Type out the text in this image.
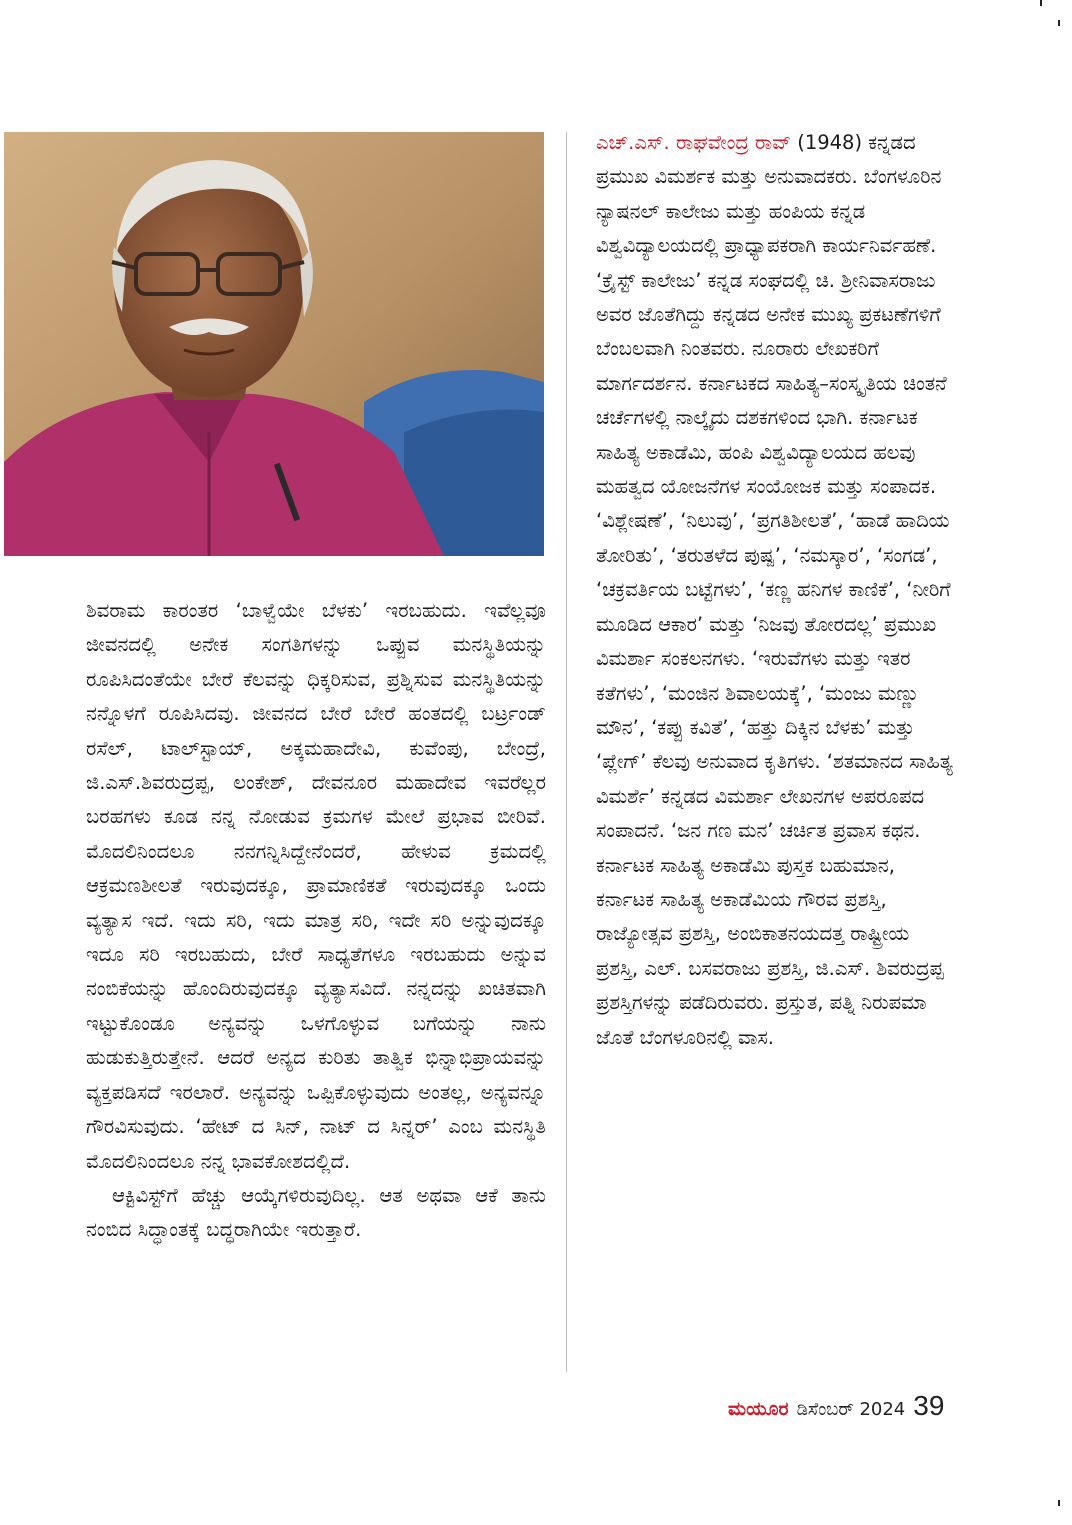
ಶಿವರಾಮ ಕಾರಂತರ ‘ಬಾಳ್ವೆಯೇ ಬೆಳಕು’ ಇರಬಹುದು. ಇವೆಲ್ಲವೂ ಜೀವನದಲ್ಲಿ ಅನೇಕ ಸಂಗತಿಗಳನ್ನು ಒಪ್ಪುವ ಮನಸ್ಥಿತಿಯನ್ನು ರೂಪಿಸಿದಂತೆಯೇ ಬೇರೆ ಕೆಲವನ್ನು ಧಿಕ್ಕರಿಸುವ, ಪ್ರಶ್ನಿಸುವ ಮನಸ್ಥಿತಿಯನ್ನು ನನ್ನೊಳಗೆ ರೂಪಿಸಿದವು. ಜೀವನದ ಬೇರೆ ಬೇರೆ ಹಂತದಲ್ಲಿ ಬರ್ಟ್ರಂಡ್ ರಸೆಲ್, ಟಾಲ್‌ಸ್ಟಾಯ್, ಅಕ್ಕಮಹಾದೇವಿ, ಕುವೆಂಪು, ಬೇಂದ್ರೆ, ಜಿ.ಎಸ್.ಶಿವರುದ್ರಪ್ಪ, ಲಂಕೇಶ್, ದೇವನೂರ ಮಹಾದೇವ ಇವರೆಲ್ಲರ ಬರಹಗಳು ಕೂಡ ನನ್ನ ನೋಡುವ ಕ್ರಮಗಳ ಮೇಲೆ ಪ್ರಭಾವ ಬೀರಿವೆ. ಮೊದಲಿನಿಂದಲೂ ನನಗನ್ನಿಸಿದ್ದೇನೆಂದರೆ, ಹೇಳುವ ಕ್ರಮದಲ್ಲಿ ಆಕ್ರಮಣಶೀಲತೆ ಇರುವುದಕ್ಕೂ, ಪ್ರಾಮಾಣಿಕತೆ ಇರುವುದಕ್ಕೂ ಒಂದು ವ್ಯತ್ಯಾಸ ಇದೆ. ಇದು ಸರಿ, ಇದು ಮಾತ್ರ ಸರಿ, ಇದೇ ಸರಿ ಅನ್ನುವುದಕ್ಕೂ ಇದೂ ಸರಿ ಇರಬಹುದು, ಬೇರೆ ಸಾಧ್ಯತೆಗಳೂ ಇರಬಹುದು ಅನ್ನುವ ನಂಬಿಕೆಯನ್ನು ಹೊಂದಿರುವುದಕ್ಕೂ ವ್ಯತ್ಯಾಸವಿದೆ. ನನ್ನದನ್ನು ಖಚಿತವಾಗಿ ಇಟ್ಟುಕೊಂಡೂ ಅನ್ಯವನ್ನು ಒಳಗೊಳ್ಳುವ ಬಗೆಯನ್ನು ನಾನು ಹುಡುಕುತ್ತಿರುತ್ತೇನೆ. ಆದರೆ ಅನ್ಯದ ಕುರಿತು ತಾತ್ವಿಕ ಭಿನ್ನಾಭಿಪ್ರಾಯವನ್ನು ವ್ಯಕ್ತಪಡಿಸದೆ ಇರಲಾರೆ. ಅನ್ಯವನ್ನು ಒಪ್ಪಿಕೊಳ್ಳುವುದು ಅಂತಲ್ಲ, ಅನ್ಯವನ್ನೂ ಗೌರವಿಸುವುದು. ‘ಹೇಟ್ ದ ಸಿನ್, ನಾಟ್ ದ ಸಿನ್ನರ್’ ಎಂಬ ಮನಸ್ಥಿತಿ ಮೊದಲಿನಿಂದಲೂ ನನ್ನ ಭಾವಕೋಶದಲ್ಲಿದೆ.

ಆಕ್ಟಿವಿಸ್ಟ್‌ಗೆ ಹೆಚ್ಚು ಆಯ್ಕೆಗಳಿರುವುದಿಲ್ಲ. ಆತ ಅಥವಾ ಆಕೆ ತಾನು ನಂಬಿದ ಸಿದ್ಧಾಂತಕ್ಕೆ ಬದ್ಧರಾಗಿಯೇ ಇರುತ್ತಾರೆ.

ಎಚ್.ಎಸ್. ರಾಘವೇಂದ್ರ ರಾವ್ (1948) ಕನ್ನಡದ ಪ್ರಮುಖ ವಿಮರ್ಶಕ ಮತ್ತು ಅನುವಾದಕರು. ಬೆಂಗಳೂರಿನ ನ್ಯಾಷನಲ್ ಕಾಲೇಜು ಮತ್ತು ಹಂಪಿಯ ಕನ್ನಡ ವಿಶ್ವವಿದ್ಯಾಲಯದಲ್ಲಿ ಪ್ರಾಧ್ಯಾಪಕರಾಗಿ ಕಾರ್ಯನಿರ್ವಹಣೆ. ‘ಕ್ರೈಸ್ಟ್ ಕಾಲೇಜು’ ಕನ್ನಡ ಸಂಘದಲ್ಲಿ ಚಿ. ಶ್ರೀನಿವಾಸರಾಜು ಅವರ ಜೊತೆಗಿದ್ದು ಕನ್ನಡದ ಅನೇಕ ಮುಖ್ಯ ಪ್ರಕಟಣೆಗಳಿಗೆ ಬೆಂಬಲವಾಗಿ ನಿಂತವರು. ನೂರಾರು ಲೇಖಕರಿಗೆ ಮಾರ್ಗದರ್ಶನ. ಕರ್ನಾಟಕದ ಸಾಹಿತ್ಯ–ಸಂಸ್ಕೃತಿಯ ಚಿಂತನೆ ಚರ್ಚೆಗಳಲ್ಲಿ ನಾಲ್ಕೈದು ದಶಕಗಳಿಂದ ಭಾಗಿ. ಕರ್ನಾಟಕ ಸಾಹಿತ್ಯ ಅಕಾಡೆಮಿ, ಹಂಪಿ ವಿಶ್ವವಿದ್ಯಾಲಯದ ಹಲವು ಮಹತ್ವದ ಯೋಜನೆಗಳ ಸಂಯೋಜಕ ಮತ್ತು ಸಂಪಾದಕ. ‘ವಿಶ್ಲೇಷಣೆ’, ‘ನಿಲುವು’, ‘ಪ್ರಗತಿಶೀಲತೆ’, ‘ಹಾಡೆ ಹಾದಿಯ ತೋರಿತು’, ‘ತರುತಳೆದ ಪುಷ್ಪ’, ‘ನಮಸ್ಕಾರ’, ‘ಸಂಗಡ’, ‘ಚಕ್ರವರ್ತಿಯ ಬಟ್ಟೆಗಳು’, ‘ಕಣ್ಣ ಹನಿಗಳ ಕಾಣಿಕೆ’, ‘ನೀರಿಗೆ ಮೂಡಿದ ಆಕಾರ’ ಮತ್ತು ‘ನಿಜವು ತೋರದಲ್ಲ’ ಪ್ರಮುಖ ವಿಮರ್ಶಾ ಸಂಕಲನಗಳು. ‘ಇರುವೆಗಳು ಮತ್ತು ಇತರ ಕತೆಗಳು’, ‘ಮಂಜಿನ ಶಿವಾಲಯಕ್ಕೆ’, ‘ಮಂಜು ಮಣ್ಣು ಮೌನ’, ‘ಕಪ್ಪು ಕವಿತೆ’, ‘ಹತ್ತು ದಿಕ್ಕಿನ ಬೆಳಕು’ ಮತ್ತು ‘ಪ್ಲೇಗ್’ ಕೆಲವು ಅನುವಾದ ಕೃತಿಗಳು. ‘ಶತಮಾನದ ಸಾಹಿತ್ಯ ವಿಮರ್ಶೆ’ ಕನ್ನಡದ ವಿಮರ್ಶಾ ಲೇಖನಗಳ ಅಪರೂಪದ ಸಂಪಾದನೆ. ‘ಜನ ಗಣ ಮನ’ ಚರ್ಚಿತ ಪ್ರವಾಸ ಕಥನ. ಕರ್ನಾಟಕ ಸಾಹಿತ್ಯ ಅಕಾಡೆಮಿ ಪುಸ್ತಕ ಬಹುಮಾನ, ಕರ್ನಾಟಕ ಸಾಹಿತ್ಯ ಅಕಾಡೆಮಿಯ ಗೌರವ ಪ್ರಶಸ್ತಿ, ರಾಜ್ಯೋತ್ಸವ ಪ್ರಶಸ್ತಿ, ಅಂಬಿಕಾತನಯದತ್ತ ರಾಷ್ಟ್ರೀಯ ಪ್ರಶಸ್ತಿ, ಎಲ್. ಬಸವರಾಜು ಪ್ರಶಸ್ತಿ, ಜಿ.ಎಸ್. ಶಿವರುದ್ರಪ್ಪ ಪ್ರಶಸ್ತಿಗಳನ್ನು ಪಡೆದಿರುವರು. ಪ್ರಸ್ತುತ, ಪತ್ನಿ ನಿರುಪಮಾ ಜೊತೆ ಬೆಂಗಳೂರಿನಲ್ಲಿ ವಾಸ.

ಮಯೂರ ಡಿಸೆಂಬರ್ 2024 39
